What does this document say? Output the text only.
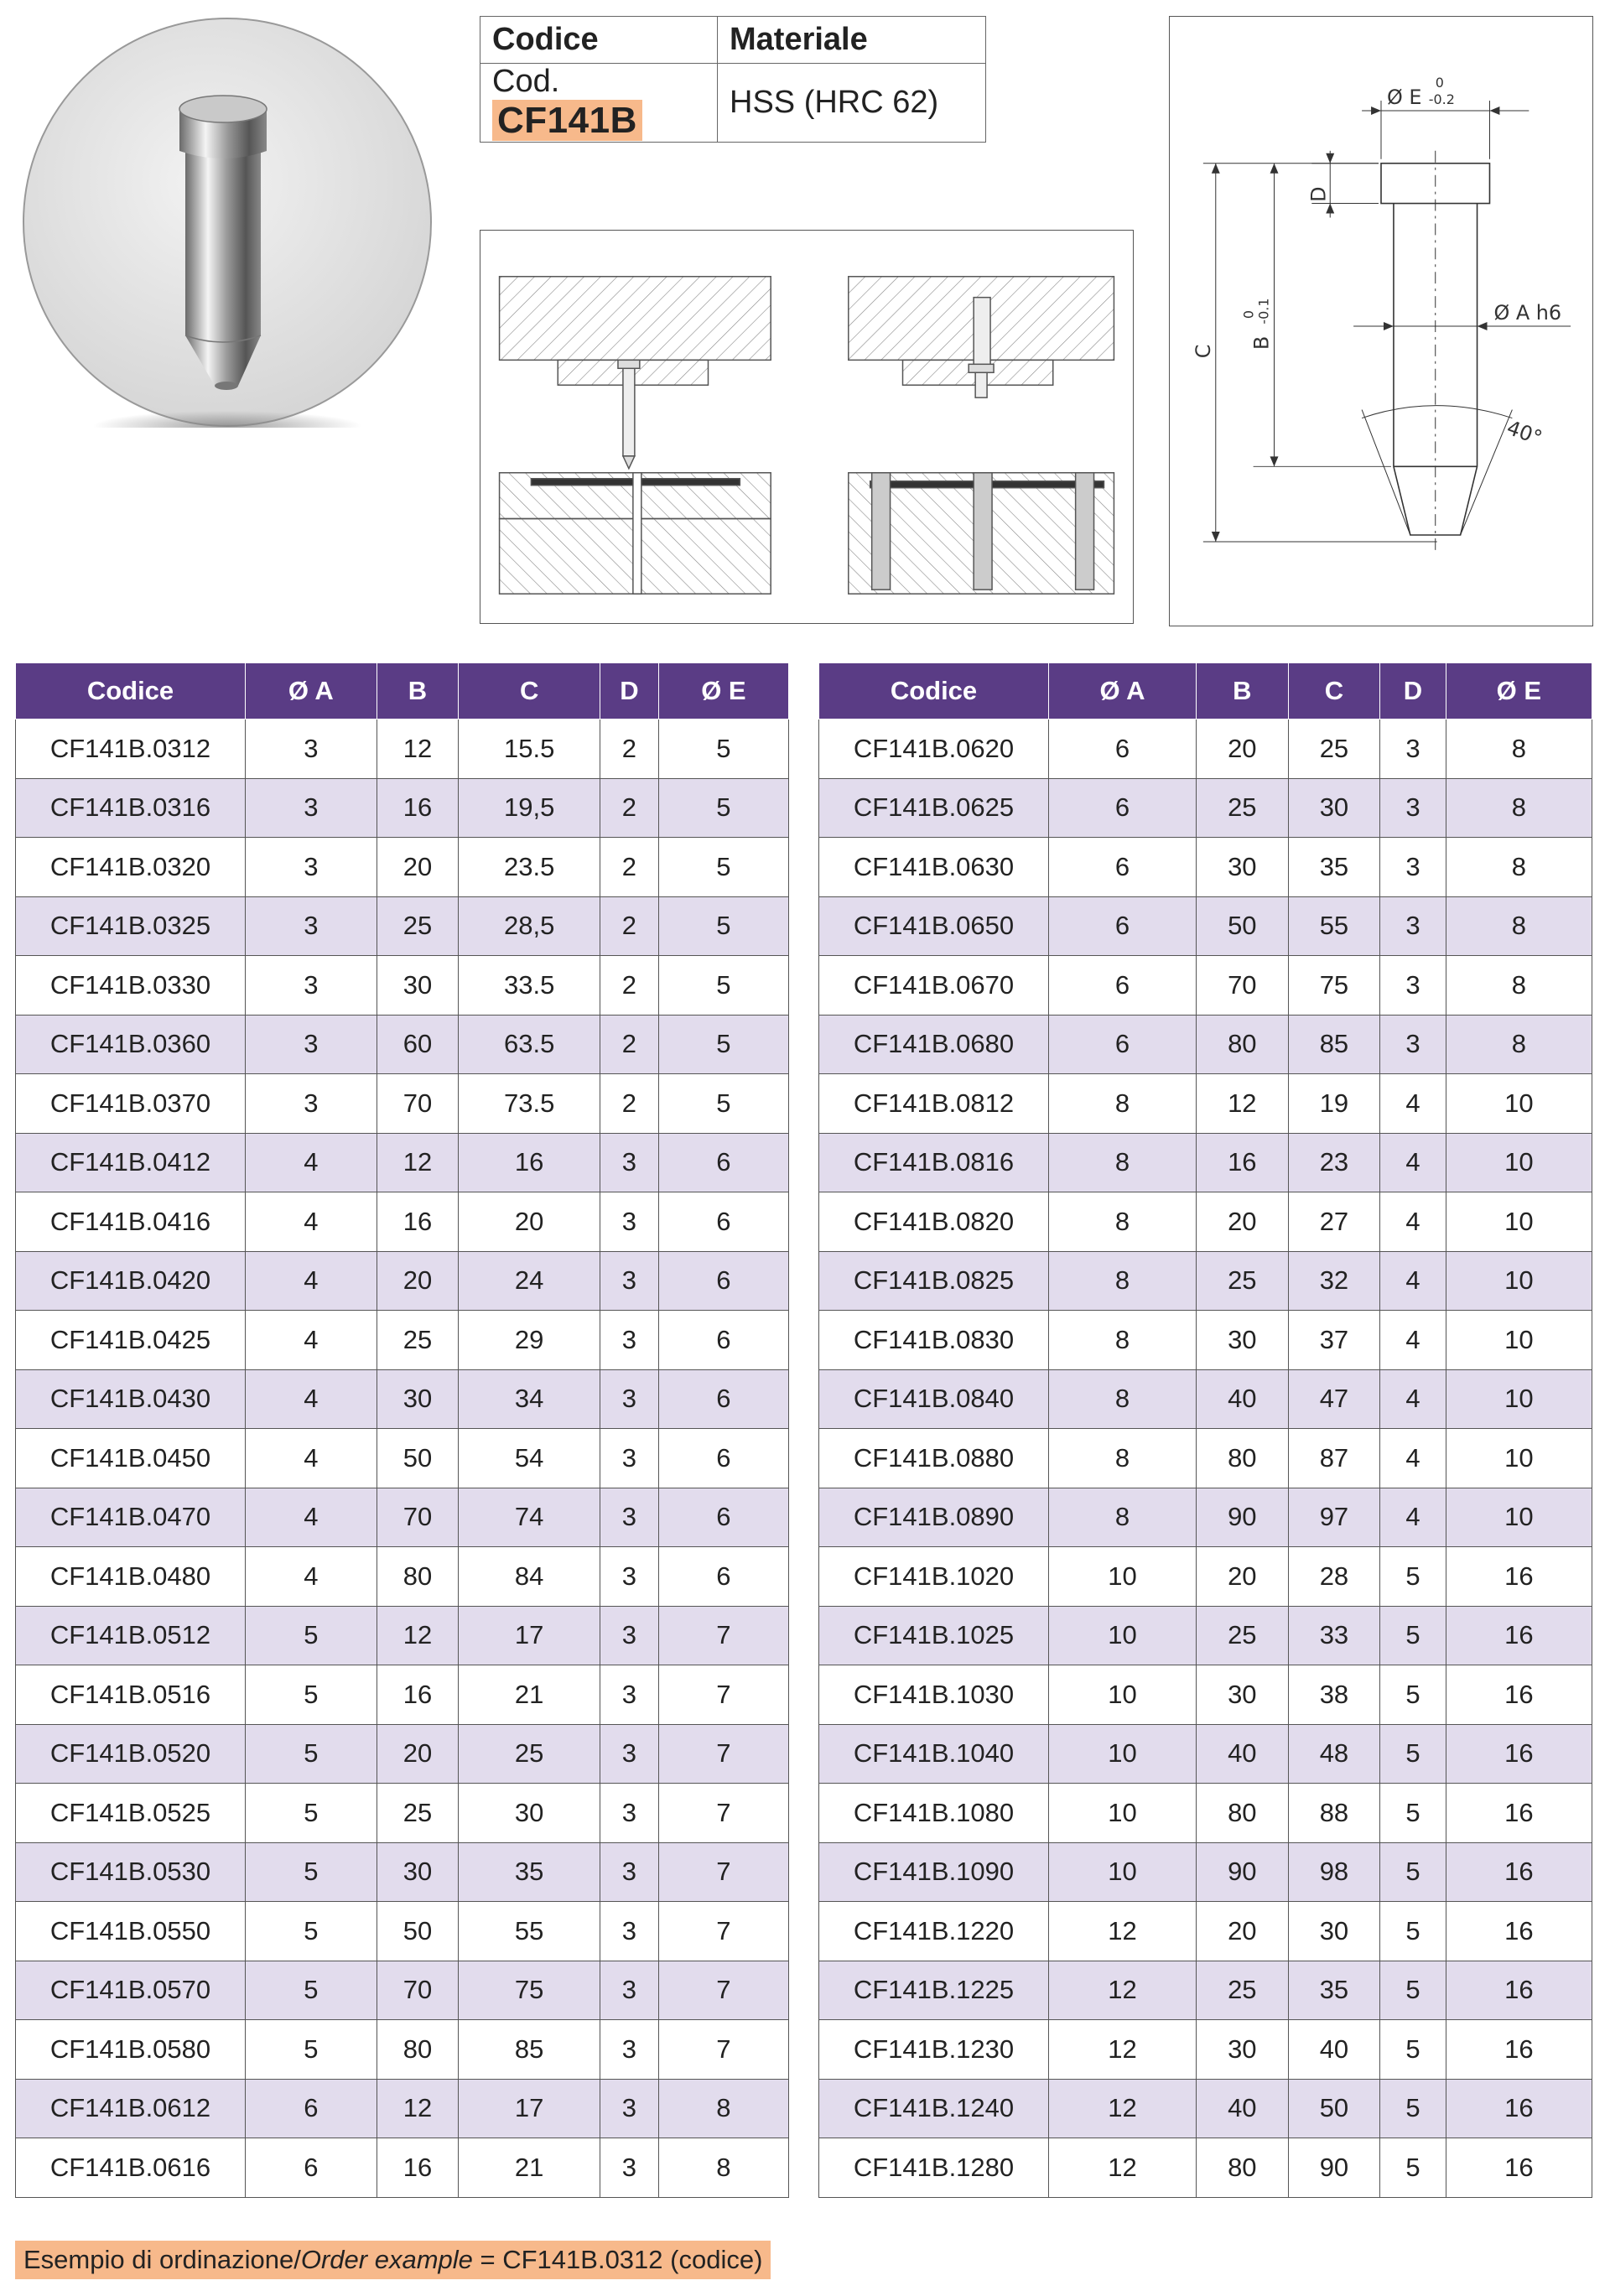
Codice	Materiale
Cod. CF141B	HSS (HRC 62)	Ø E
0
-0.2
D
C
B
0
-0.1	Ø A h6
40°
Codice	Ø A	B	C	D	Ø E
CF141B.0312	3	12	15.5	2	5
CF141B.0316	3	16	19,5	2	5
CF141B.0320	3	20	23.5	2	5
CF141B.0325	3	25	28,5	2	5
CF141B.0330	3	30	33.5	2	5
CF141B.0360	3	60	63.5	2	5
CF141B.0370	3	70	73.5	2	5
CF141B.0412	4	12	16	3	6
CF141B.0416	4	16	20	3	6
CF141B.0420	4	20	24	3	6
CF141B.0425	4	25	29	3	6
CF141B.0430	4	30	34	3	6
CF141B.0450	4	50	54	3	6
CF141B.0470	4	70	74	3	6
CF141B.0480	4	80	84	3	6
CF141B.0512	5	12	17	3	7
CF141B.0516	5	16	21	3	7
CF141B.0520	5	20	25	3	7
CF141B.0525	5	25	30	3	7
CF141B.0530	5	30	35	3	7
CF141B.0550	5	50	55	3	7
CF141B.0570	5	70	75	3	7
CF141B.0580	5	80	85	3	7
CF141B.0612	6	12	17	3	8
CF141B.0616	6	16	21	3	8
Codice	Ø A	B	C	D	Ø E
CF141B.0620	6	20	25	3	8
CF141B.0625	6	25	30	3	8
CF141B.0630	6	30	35	3	8
CF141B.0650	6	50	55	3	8
CF141B.0670	6	70	75	3	8
CF141B.0680	6	80	85	3	8
CF141B.0812	8	12	19	4	10
CF141B.0816	8	16	23	4	10
CF141B.0820	8	20	27	4	10
CF141B.0825	8	25	32	4	10
CF141B.0830	8	30	37	4	10
CF141B.0840	8	40	47	4	10
CF141B.0880	8	80	87	4	10
CF141B.0890	8	90	97	4	10
CF141B.1020	10	20	28	5	16
CF141B.1025	10	25	33	5	16
CF141B.1030	10	30	38	5	16
CF141B.1040	10	40	48	5	16
CF141B.1080	10	80	88	5	16
CF141B.1090	10	90	98	5	16
CF141B.1220	12	20	30	5	16
CF141B.1225	12	25	35	5	16
CF141B.1230	12	30	40	5	16
CF141B.1240	12	40	50	5	16
CF141B.1280	12	80	90	5	16
Esempio di ordinazione/Order example = CF141B.0312 (codice)
